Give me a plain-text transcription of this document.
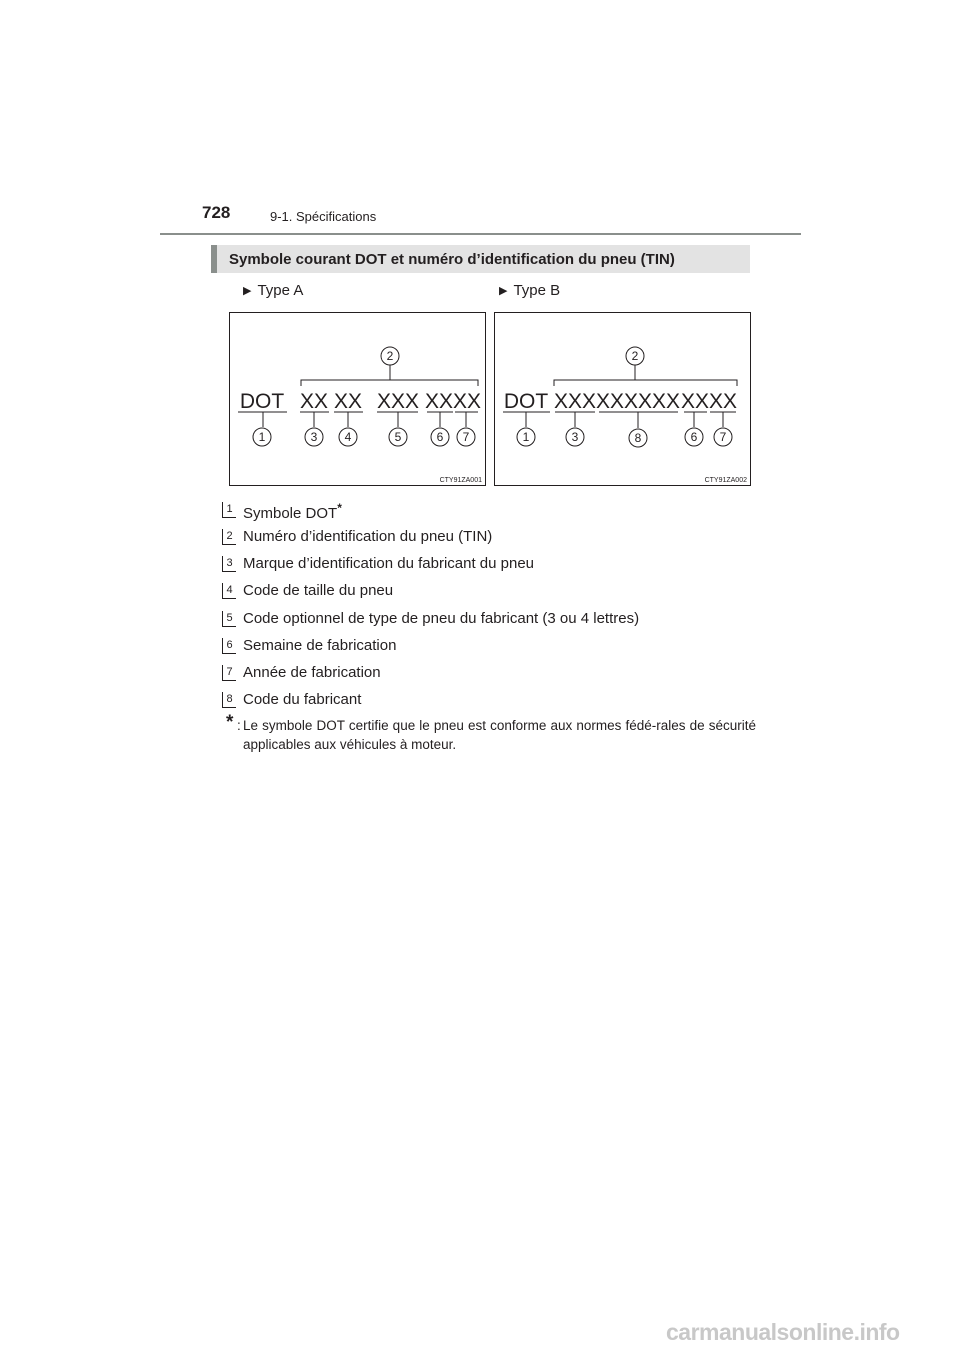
728	9-1. Spécifications
Symbole courant DOT et numéro d’identification du pneu (TIN)
▶ Type A	▶ Type B
DOT XX XX XXX XXXX
2
1	3 4	5	6 7
CTY91ZA001
DOT XXX XXXXXX XXXX
2
1	3	8	6 7
CTY91ZA002
1 Symbole DOT*
2 Numéro d’identification du pneu (TIN)
3 Marque d’identification du fabricant du pneu
4 Code de taille du pneu
5 Code optionnel de type de pneu du fabricant (3 ou 4 lettres)
6 Semaine de fabrication
7 Année de fabrication
8 Code du fabricant
* : Le symbole DOT certifie que le pneu est conforme aux normes fédé-rales de sécurité applicables aux véhicules à moteur.
carmanualsonline.info
